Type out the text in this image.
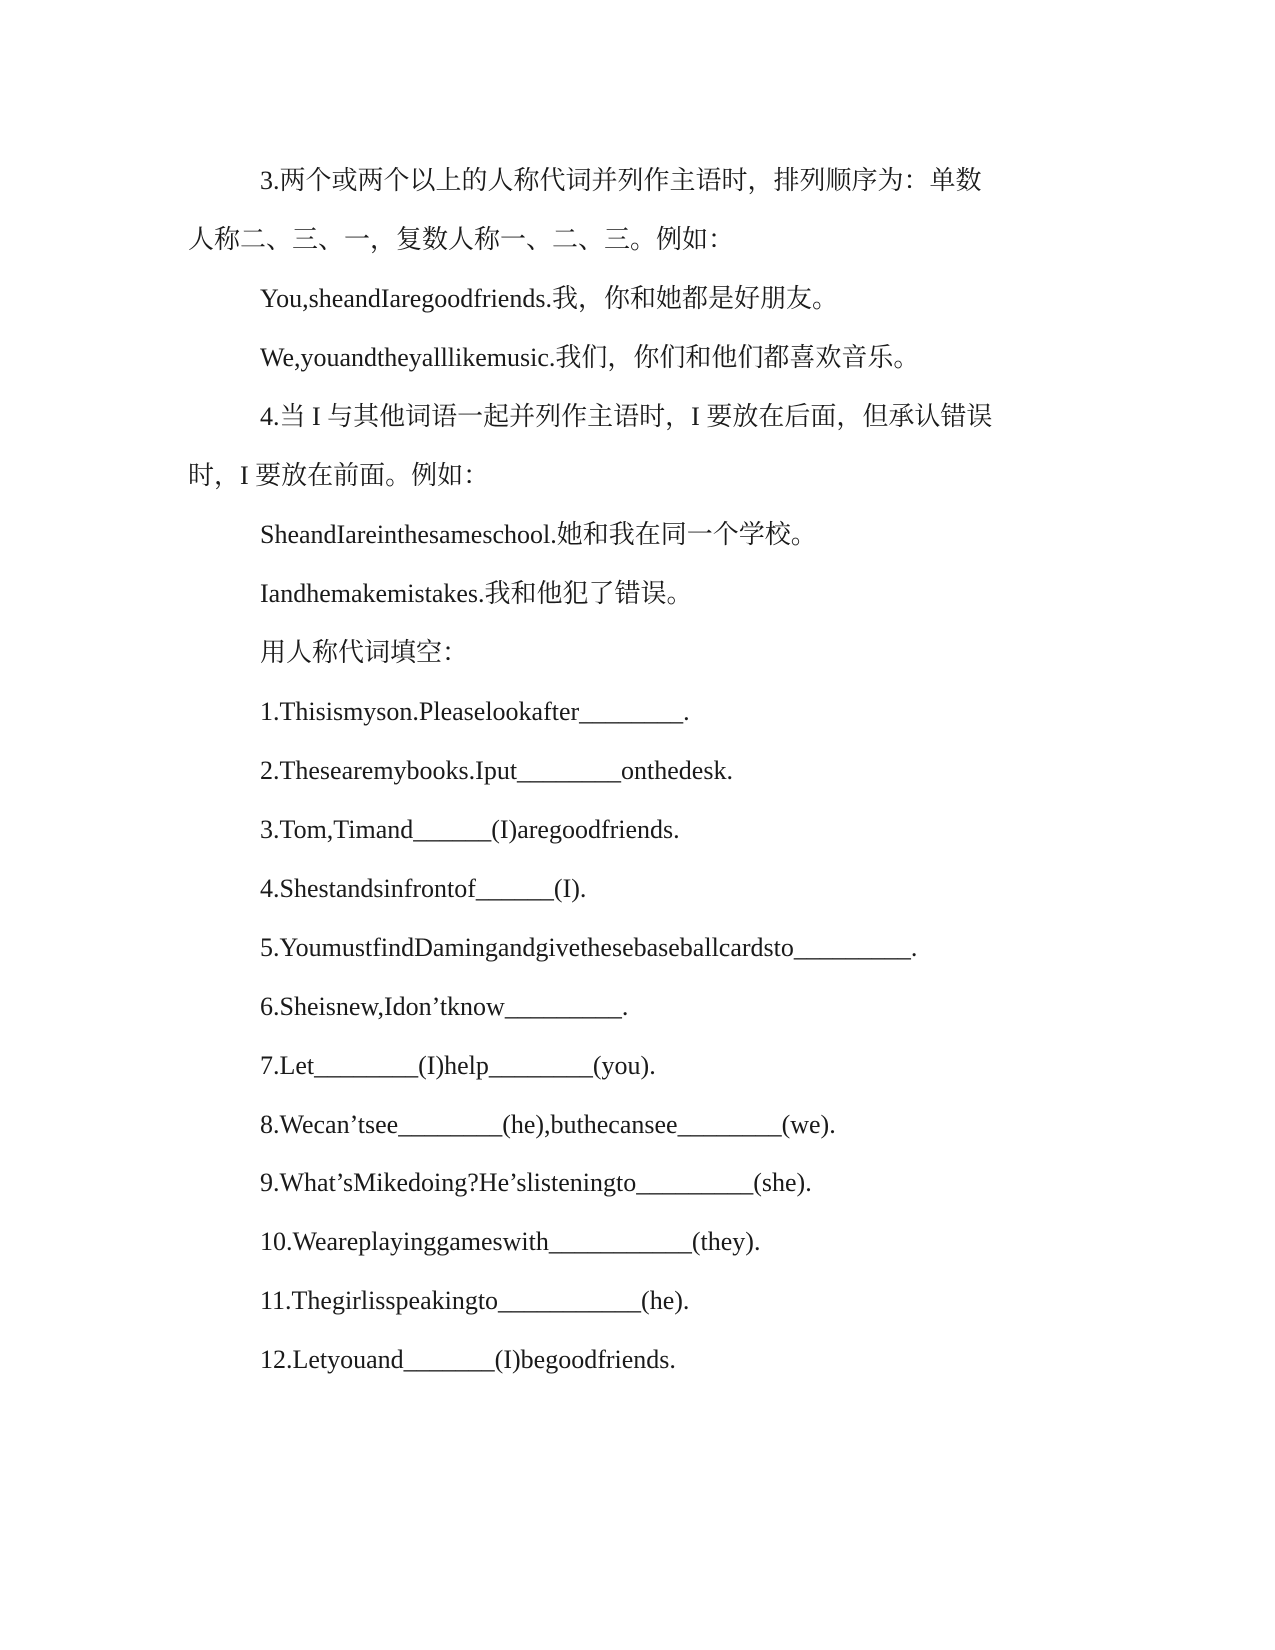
3.两个或两个以上的人称代词并列作主语时，排列顺序为：单数
人称二、三、一，复数人称一、二、三。例如：
You,sheandIaregoodfriends.我，你和她都是好朋友。
We,youandtheyalllikemusic.我们，你们和他们都喜欢音乐。
4.当 I 与其他词语一起并列作主语时，I 要放在后面，但承认错误
时，I 要放在前面。例如：
SheandIareinthesameschool.她和我在同一个学校。
Iandhemakemistakes.我和他犯了错误。
用人称代词填空：
1.Thisismyson.Pleaselookafter________.
2.Thesearemybooks.Iput________onthedesk.
3.Tom,Timand______(I)aregoodfriends.
4.Shestandsinfrontof______(I).
5.YoumustfindDamingandgivethesebaseballcardsto_________.
6.Sheisnew,Idon’tknow_________.
7.Let________(I)help________(you).
8.Wecan’tsee________(he),buthecansee________(we).
9.What’sMikedoing?He’slisteningto_________(she).
10.Weareplayinggameswith___________(they).
11.Thegirlisspeakingto___________(he).
12.Letyouand_______(I)begoodfriends.
